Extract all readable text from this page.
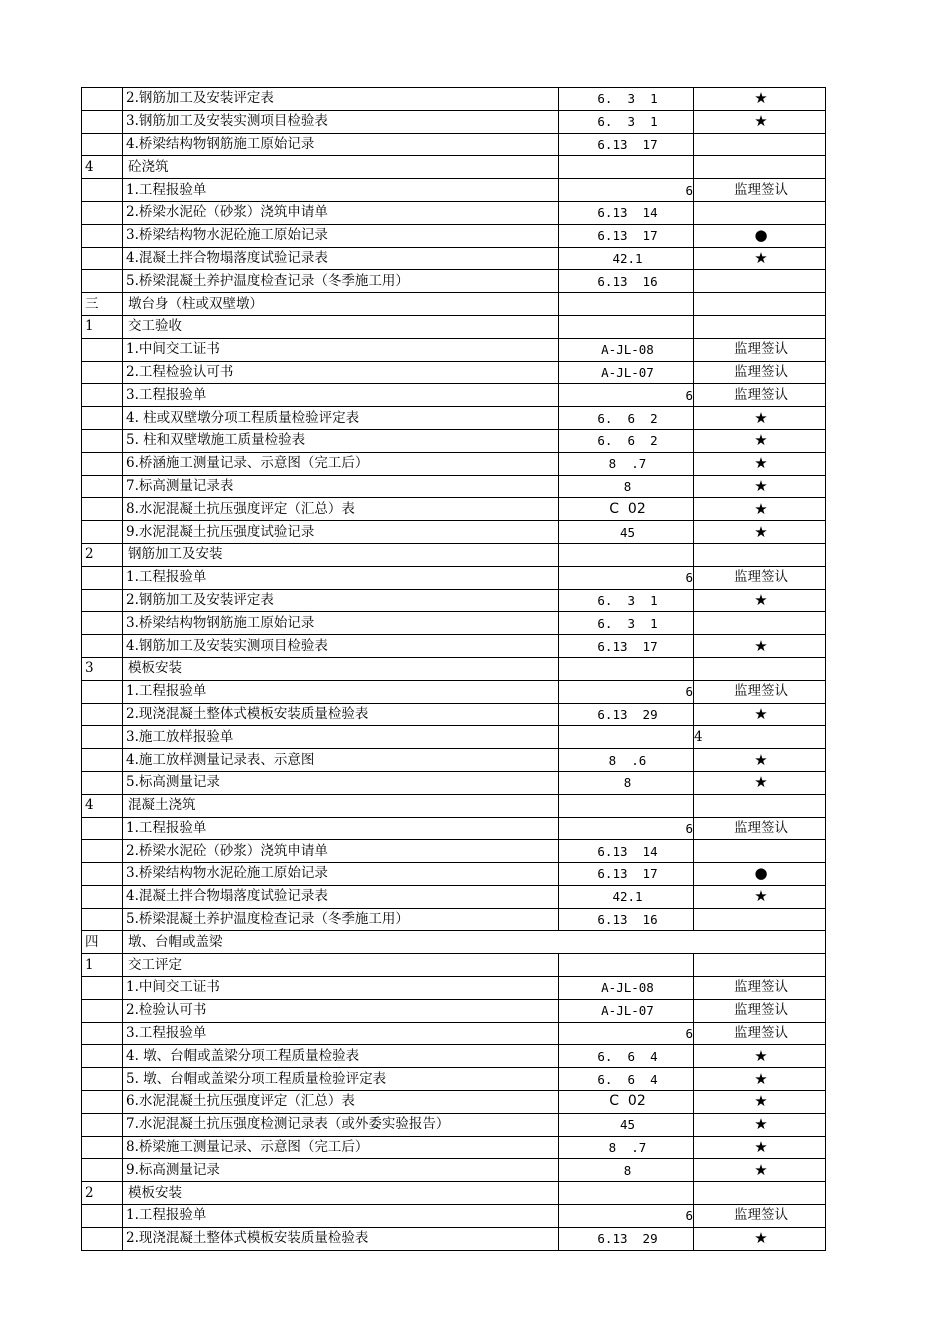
	2.钢筋加工及安装评定表	6.  3  1	★
	3.钢筋加工及安装实测项目检验表	6.  3  1	★
	4.桥梁结构物钢筋施工原始记录	6.13  17	
4	砼浇筑		
	1.工程报验单	6	监理签认
	2.桥梁水泥砼（砂浆）浇筑申请单	6.13  14	
	3.桥梁结构物水泥砼施工原始记录	6.13  17	●
	4.混凝土拌合物塌落度试验记录表	42.1	★
	5.桥梁混凝土养护温度检查记录（冬季施工用）	6.13  16	
三	墩台身（柱或双壁墩）		
1	交工验收		
	1.中间交工证书	A-JL-08	监理签认
	2.工程检验认可书	A-JL-07	监理签认
	3.工程报验单	6	监理签认
	4. 柱或双壁墩分项工程质量检验评定表	6.  6  2	★
	5. 柱和双壁墩施工质量检验表	6.  6  2	★
	6.桥涵施工测量记录、示意图（完工后）	8  .7	★
	7.标高测量记录表	8	★
	8.水泥混凝土抗压强度评定（汇总）表	C  02	★
	9.水泥混凝土抗压强度试验记录	45	★
2	钢筋加工及安装		
	1.工程报验单	6	监理签认
	2.钢筋加工及安装评定表	6.  3  1	★
	3.桥梁结构物钢筋施工原始记录	6.  3  1	
	4.钢筋加工及安装实测项目检验表	6.13  17	★
3	模板安装		
	1.工程报验单	6	监理签认
	2.现浇混凝土整体式模板安装质量检验表	6.13  29	★
	3.施工放样报验单		4
	4.施工放样测量记录表、示意图	8  .6	★
	5.标高测量记录	8	★
4	混凝土浇筑		
	1.工程报验单	6	监理签认
	2.桥梁水泥砼（砂浆）浇筑申请单	6.13  14	
	3.桥梁结构物水泥砼施工原始记录	6.13  17	●
	4.混凝土拌合物塌落度试验记录表	42.1	★
	5.桥梁混凝土养护温度检查记录（冬季施工用）	6.13  16	
四	墩、台帽或盖梁		
1	交工评定		
	1.中间交工证书	A-JL-08	监理签认
	2.检验认可书	A-JL-07	监理签认
	3.工程报验单	6	监理签认
	4. 墩、台帽或盖梁分项工程质量检验表	6.  6  4	★
	5. 墩、台帽或盖梁分项工程质量检验评定表	6.  6  4	★
	6.水泥混凝土抗压强度评定（汇总）表	C  02	★
	7.水泥混凝土抗压强度检测记录表（或外委实验报告）	45	★
	8.桥梁施工测量记录、示意图（完工后）	8  .7	★
	9.标高测量记录	8	★
2	模板安装		
	1.工程报验单	6	监理签认
	2.现浇混凝土整体式模板安装质量检验表	6.13  29	★
